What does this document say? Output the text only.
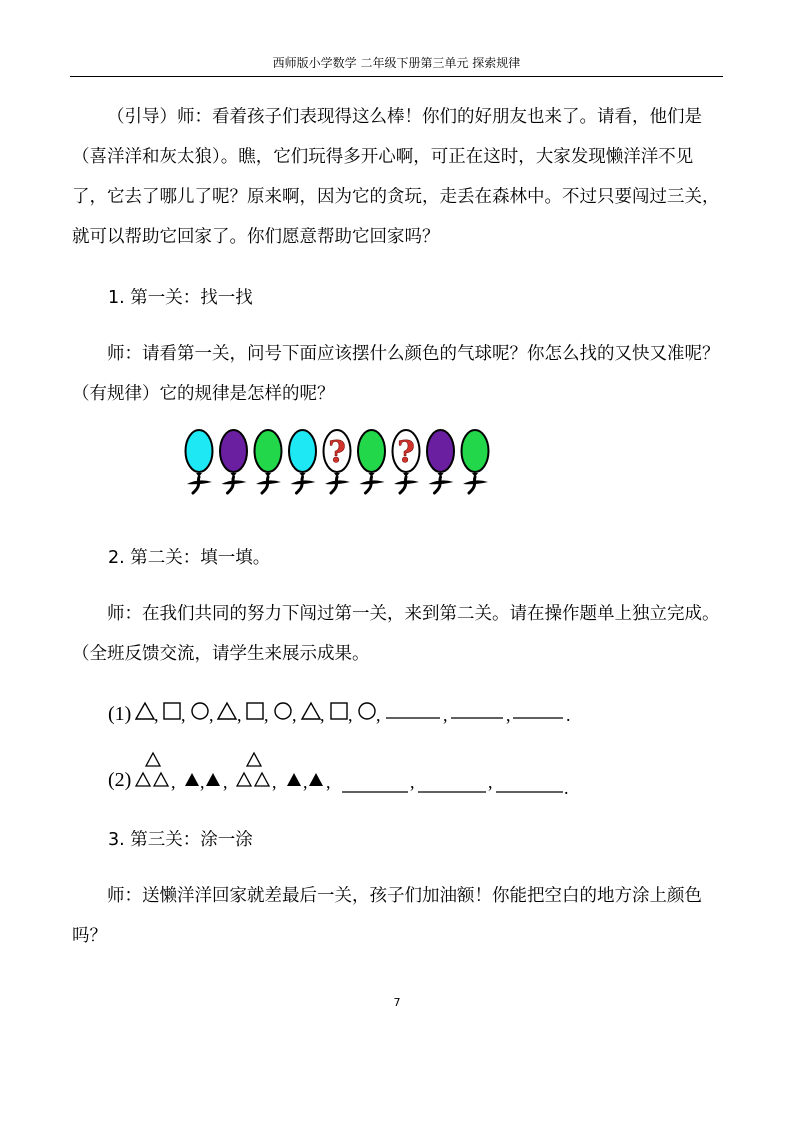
西师版小学数学 二年级下册第三单元 探索规律
（引导）师：看着孩子们表现得这么棒！你们的好朋友也来了。请看，他们是（喜洋洋和灰太狼）。瞧，它们玩得多开心啊，可正在这时，大家发现懒洋洋不见了，它去了哪儿了呢？原来啊，因为它的贪玩，走丢在森林中。不过只要闯过三关，就可以帮助它回家了。你们愿意帮助它回家吗？
1. 第一关：找一找
师：请看第一关，问号下面应该摆什么颜色的气球呢？你怎么找的又快又准呢？（有规律）它的规律是怎样的呢？
? ?
2. 第二关：填一填。
师：在我们共同的努力下闯过第一关，来到第二关。请在操作题单上独立完成。（全班反馈交流，请学生来展示成果。
(1) , , , , , , , , ,	,	,	.
(2) , , , , , ,	,	,	.
3. 第三关：涂一涂
师：送懒洋洋回家就差最后一关，孩子们加油额！你能把空白的地方涂上颜色吗？
7
